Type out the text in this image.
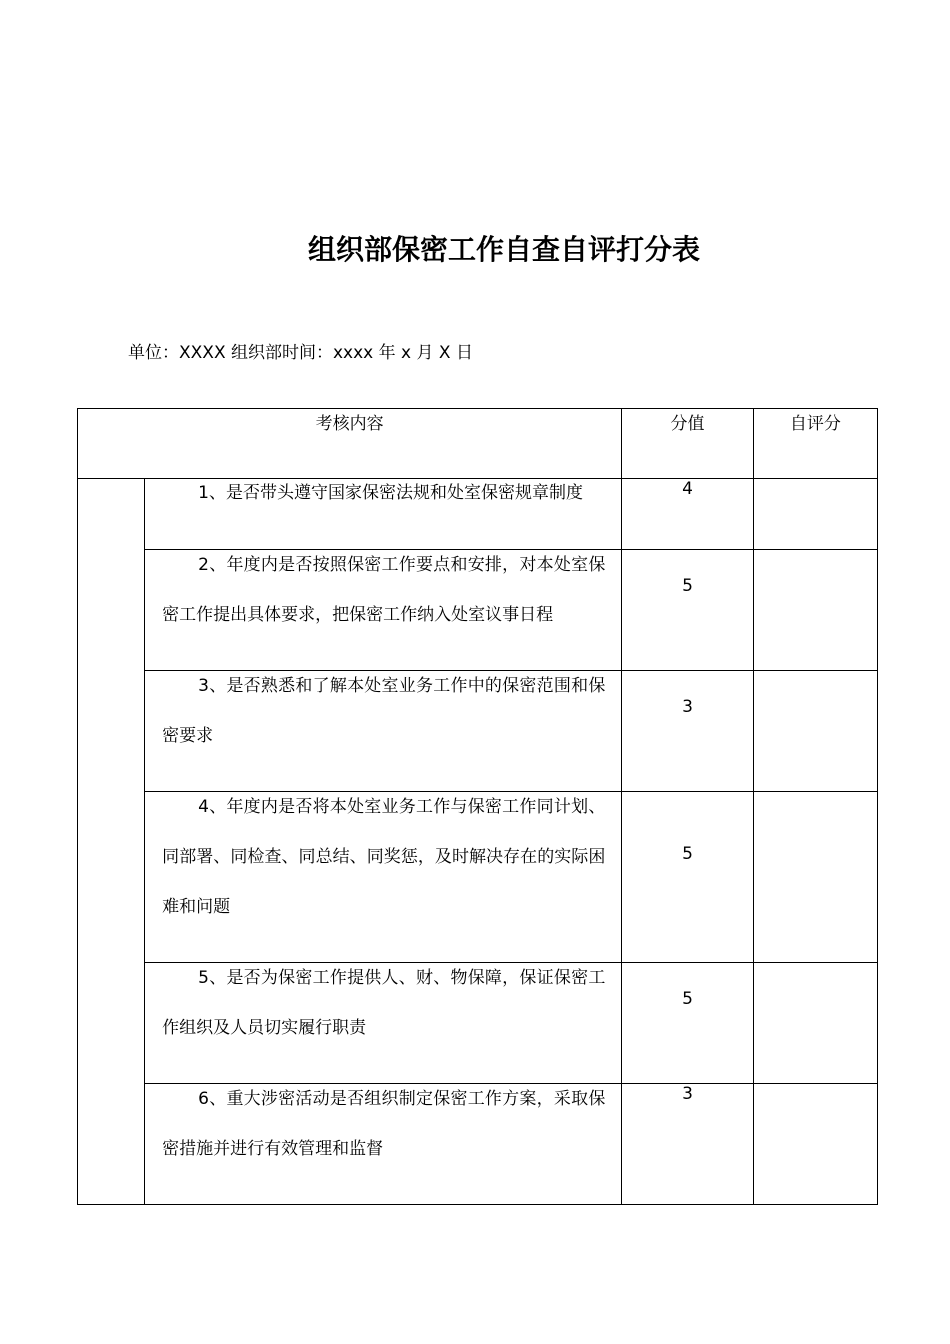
组织部保密工作自查自评打分表

单位：XXXX 组织部时间：xxxx 年 x 月 X 日

考核内容		分值	自评分

	1、是否带头遵守国家保密法规和处室保密规章制度	4	

	2、年度内是否按照保密工作要点和安排，对本处室保密工作提出具体要求，把保密工作纳入处室议事日程	5	

	3、是否熟悉和了解本处室业务工作中的保密范围和保密要求	3	

	4、年度内是否将本处室业务工作与保密工作同计划、同部署、同检查、同总结、同奖惩，及时解决存在的实际困难和问题	5	

	5、是否为保密工作提供人、财、物保障，保证保密工作组织及人员切实履行职责	5	

	6、重大涉密活动是否组织制定保密工作方案，采取保密措施并进行有效管理和监督	3	
